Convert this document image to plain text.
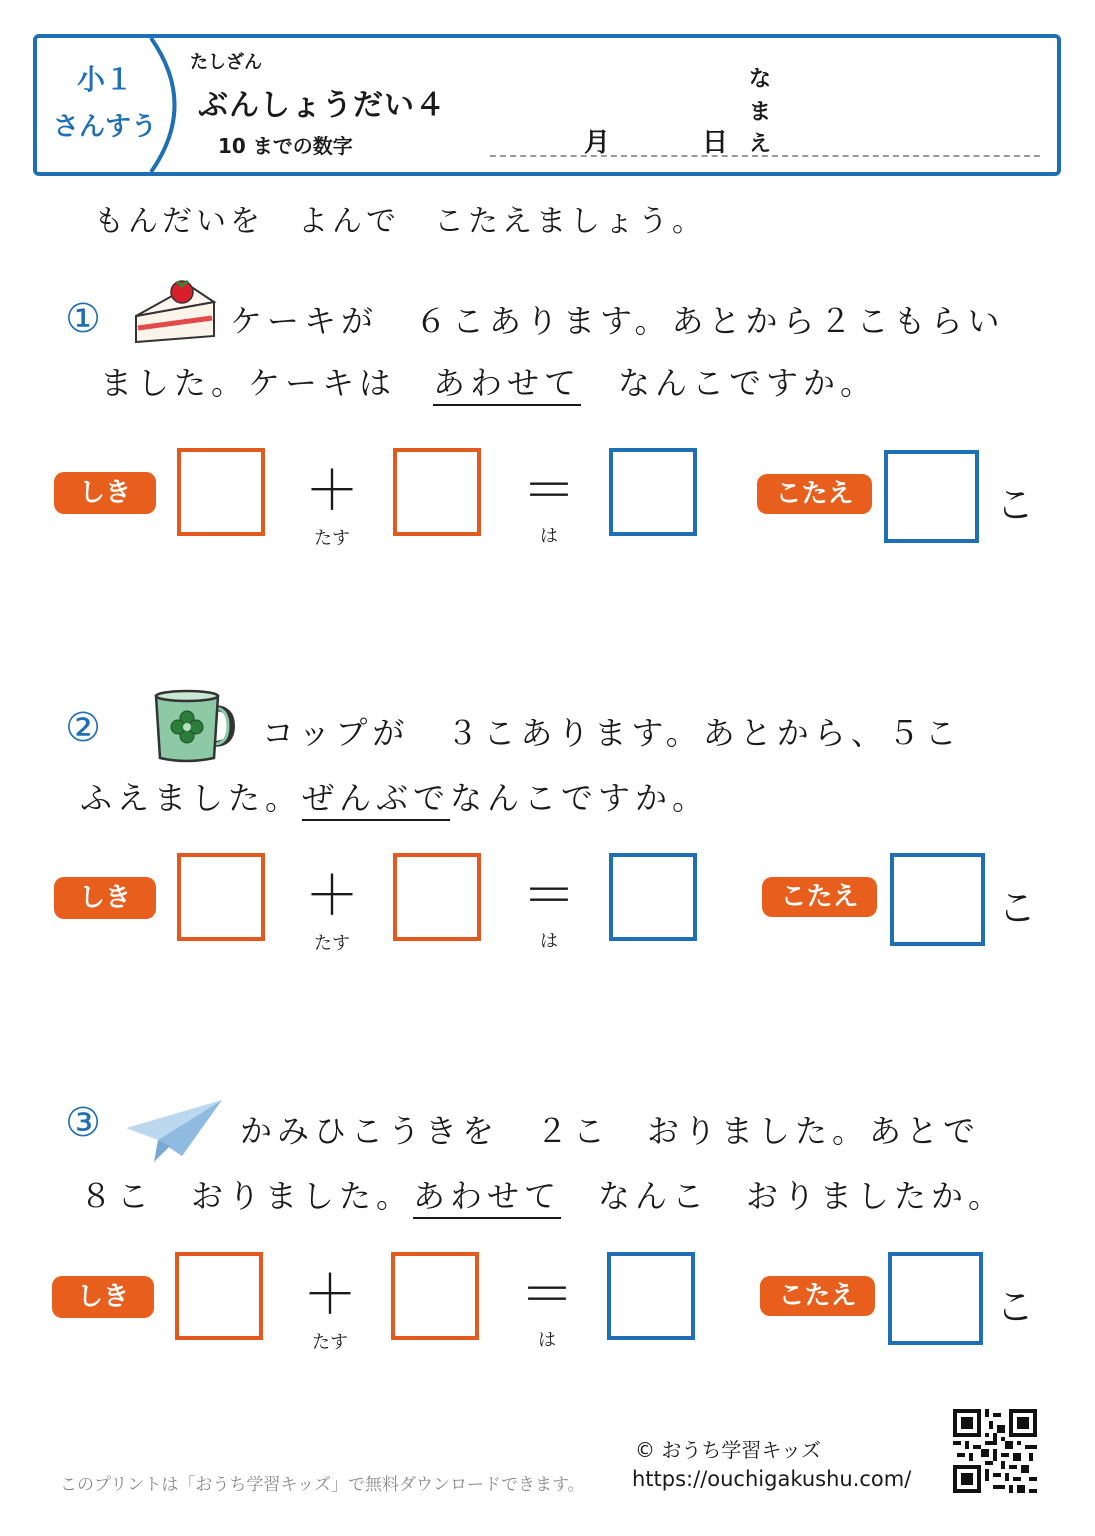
小１
さんすう
たしざん
ぶんしょうだい４
10 までの数字	月	日
な
ま
え
もんだいを　よんで　こたえましょう。
①	ケーキが　６こあります。あとから２こもらい
ました。ケーキは　あわせて　なんこですか。
しき	＋
たす
＝
は
こたえ	こ
②	コップが　３こあります。あとから、５こ
ふえました。ぜんぶでなんこですか。
しき	＋
たす
＝
は
こたえ	こ
③	かみひこうきを　２こ　おりました。あとで
８こ　おりました。あわせて　なんこ　おりましたか。
しき	＋
たす
＝
は
こたえ	こ
このプリントは「おうち学習キッズ」で無料ダウンロードできます。
© おうち学習キッズ
https://ouchigakushu.com/
